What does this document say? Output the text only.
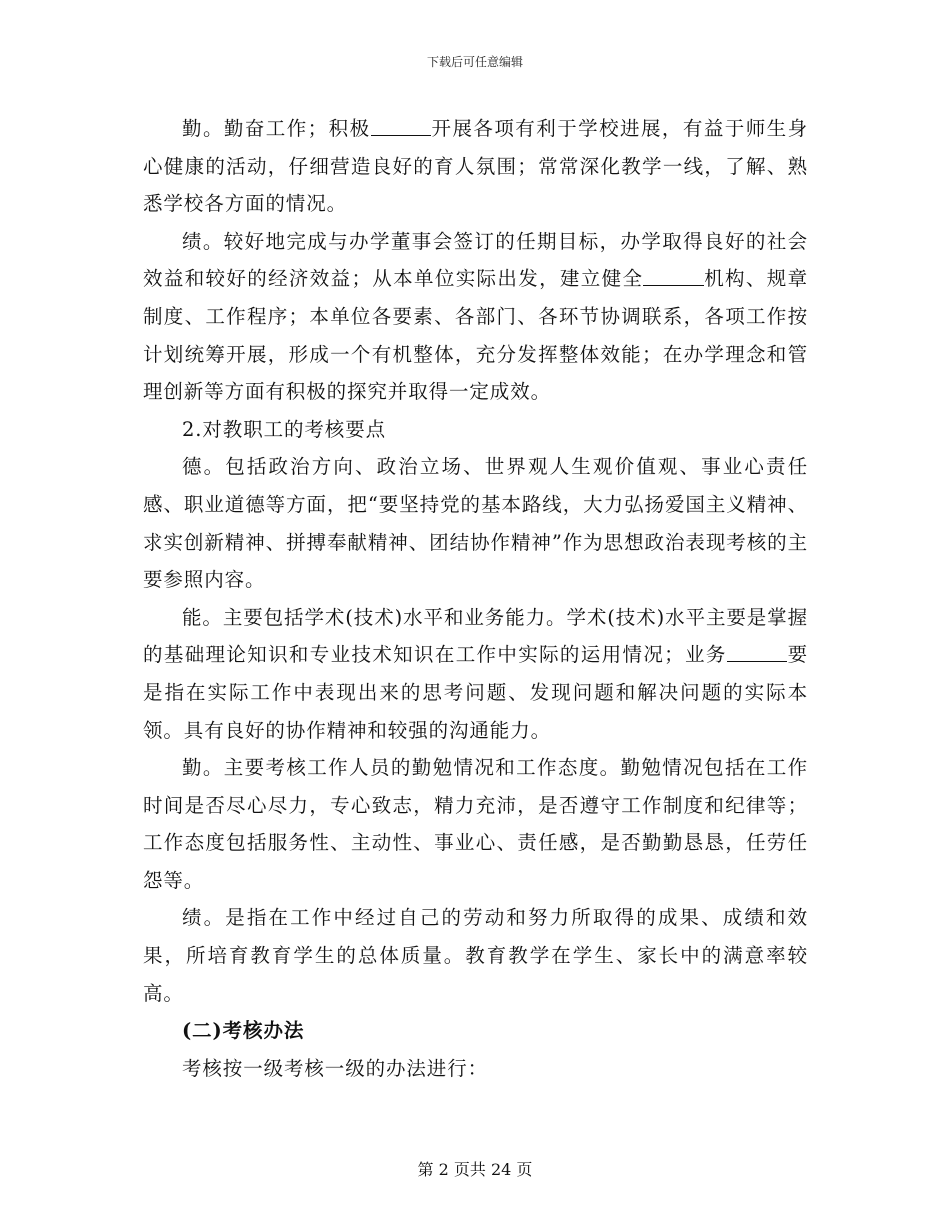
下载后可任意编辑

勤。勤奋工作；积极	开展各项有利于学校进展，有益于师生身心健康的活动，仔细营造良好的育人氛围；常常深化教学一线，了解、熟悉学校各方面的情况。

绩。较好地完成与办学董事会签订的任期目标，办学取得良好的社会效益和较好的经济效益；从本单位实际出发，建立健全	机构、规章制度、工作程序；本单位各要素、各部门、各环节协调联系，各项工作按计划统筹开展，形成一个有机整体，充分发挥整体效能；在办学理念和管理创新等方面有积极的探究并取得一定成效。

2.对教职工的考核要点

德。包括政治方向、政治立场、世界观人生观价值观、事业心责任感、职业道德等方面，把“要坚持党的基本路线，大力弘扬爱国主义精神、求实创新精神、拼搏奉献精神、团结协作精神”作为思想政治表现考核的主要参照内容。

能。主要包括学术(技术)水平和业务能力。学术(技术)水平主要是掌握的基础理论知识和专业技术知识在工作中实际的运用情况；业务	要是指在实际工作中表现出来的思考问题、发现问题和解决问题的实际本领。具有良好的协作精神和较强的沟通能力。

勤。主要考核工作人员的勤勉情况和工作态度。勤勉情况包括在工作时间是否尽心尽力，专心致志，精力充沛，是否遵守工作制度和纪律等；工作态度包括服务性、主动性、事业心、责任感，是否勤勤恳恳，任劳任怨等。

绩。是指在工作中经过自己的劳动和努力所取得的成果、成绩和效果，所培育教育学生的总体质量。教育教学在学生、家长中的满意率较高。

(二)考核办法

考核按一级考核一级的办法进行：

第 2 页共 24 页
